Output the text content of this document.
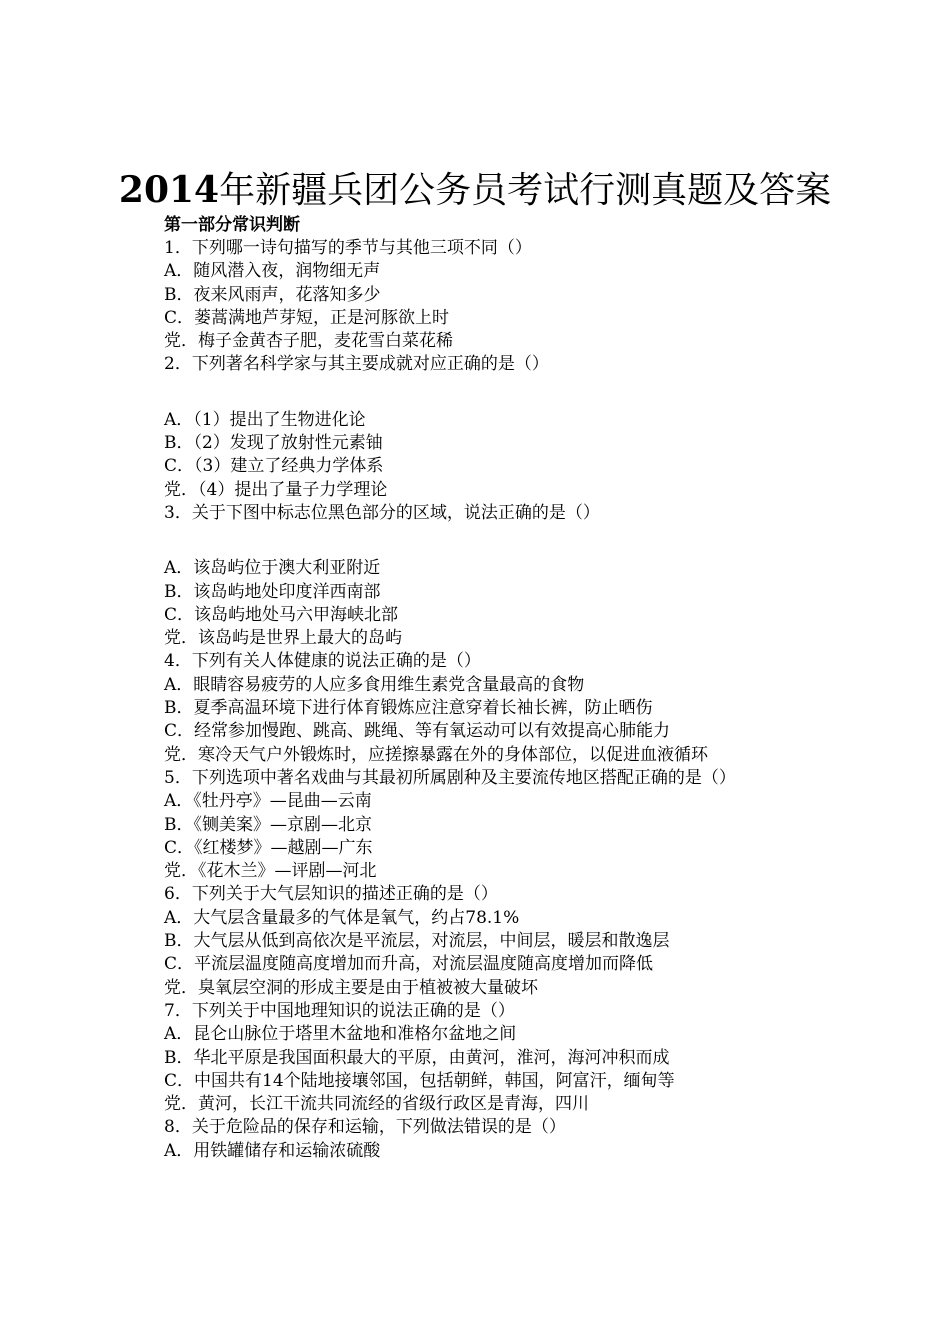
2014年新疆兵团公务员考试行测真题及答案
第一部分常识判断
1．下列哪一诗句描写的季节与其他三项不同（）
A．随风潜入夜，润物细无声
B．夜来风雨声，花落知多少
C．蒌蒿满地芦芽短，正是河豚欲上时
党．梅子金黄杏子肥，麦花雪白菜花稀
2．下列著名科学家与其主要成就对应正确的是（）
A．（1）提出了生物进化论
B．（2）发现了放射性元素铀
C．（3）建立了经典力学体系
党．（4）提出了量子力学理论
3．关于下图中标志位黑色部分的区域，说法正确的是（）
A．该岛屿位于澳大利亚附近
B．该岛屿地处印度洋西南部
C．该岛屿地处马六甲海峡北部
党．该岛屿是世界上最大的岛屿
4．下列有关人体健康的说法正确的是（）
A．眼睛容易疲劳的人应多食用维生素党含量最高的食物
B．夏季高温环境下进行体育锻炼应注意穿着长袖长裤，防止晒伤
C．经常参加慢跑、跳高、跳绳、等有氧运动可以有效提高心肺能力
党．寒冷天气户外锻炼时，应搓擦暴露在外的身体部位，以促进血液循环
5．下列选项中著名戏曲与其最初所属剧种及主要流传地区搭配正确的是（）
A．《牡丹亭》—昆曲—云南
B．《铡美案》—京剧—北京
C．《红楼梦》—越剧—广东
党．《花木兰》—评剧—河北
6．下列关于大气层知识的描述正确的是（）
A．大气层含量最多的气体是氧气，约占78.1%
B．大气层从低到高依次是平流层，对流层，中间层，暖层和散逸层
C．平流层温度随高度增加而升高，对流层温度随高度增加而降低
党．臭氧层空洞的形成主要是由于植被被大量破坏
7．下列关于中国地理知识的说法正确的是（）
A．昆仑山脉位于塔里木盆地和准格尔盆地之间
B．华北平原是我国面积最大的平原，由黄河，淮河，海河冲积而成
C．中国共有14个陆地接壤邻国，包括朝鲜，韩国，阿富汗，缅甸等
党．黄河，长江干流共同流经的省级行政区是青海，四川
8．关于危险品的保存和运输，下列做法错误的是（）
A．用铁罐储存和运输浓硫酸
